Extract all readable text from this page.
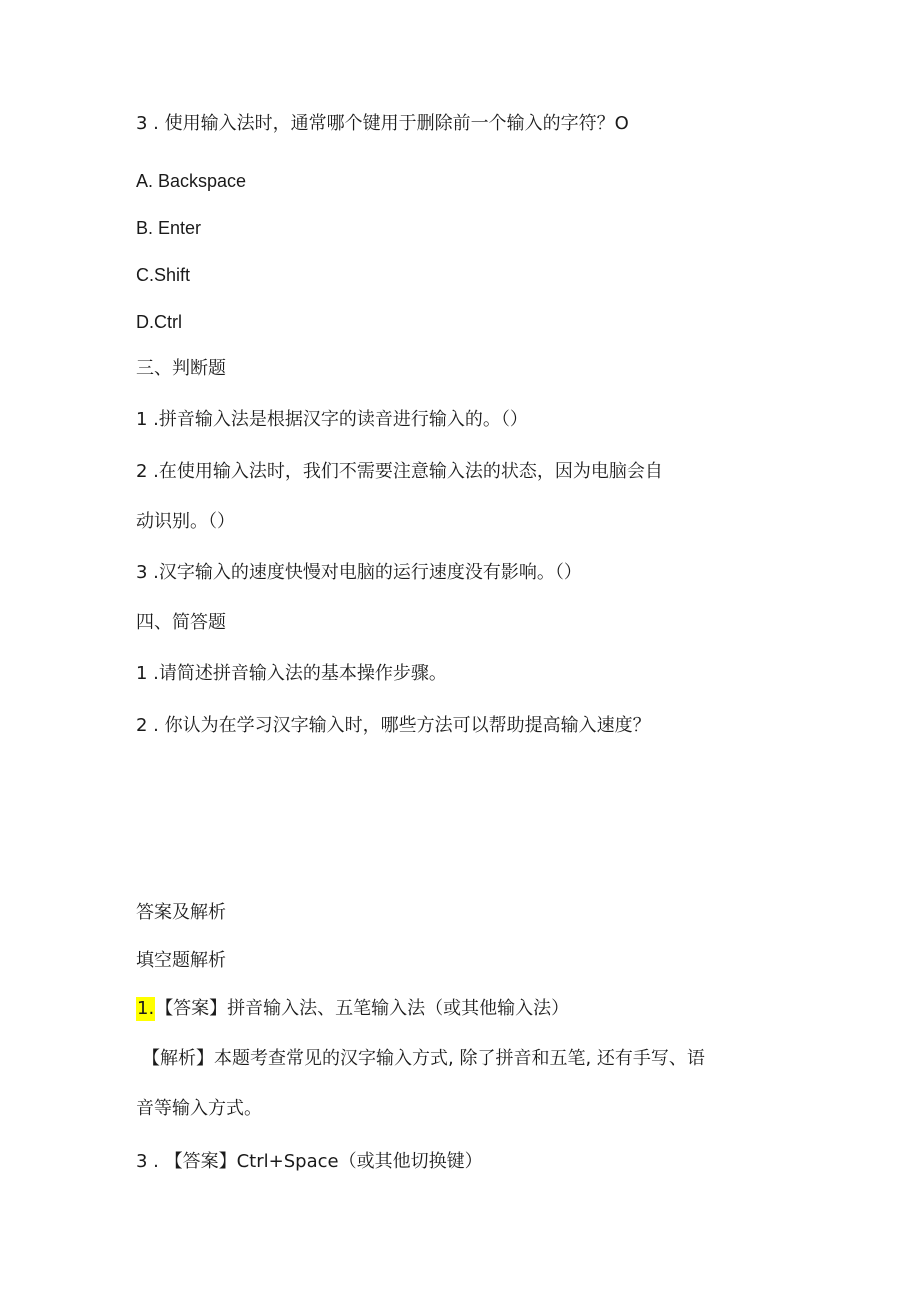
3 . 使用输入法时，通常哪个键用于删除前一个输入的字符？O
A. Backspace
B. Enter
C.Shift
D.Ctrl
三、判断题
1 .拼音输入法是根据汉字的读音进行输入的。（）
2 .在使用输入法时，我们不需要注意输入法的状态，因为电脑会自
动识别。（）
3 .汉字输入的速度快慢对电脑的运行速度没有影响。（）
四、简答题
1 .请简述拼音输入法的基本操作步骤。
2 . 你认为在学习汉字输入时，哪些方法可以帮助提高输入速度？
答案及解析
填空题解析
1.【答案】拼音输入法、五笔输入法（或其他输入法）
【解析】本题考查常见的汉字输入方式, 除了拼音和五笔, 还有手写、语
音等输入方式。
3 . 【答案】Ctrl+Space（或其他切换键）
